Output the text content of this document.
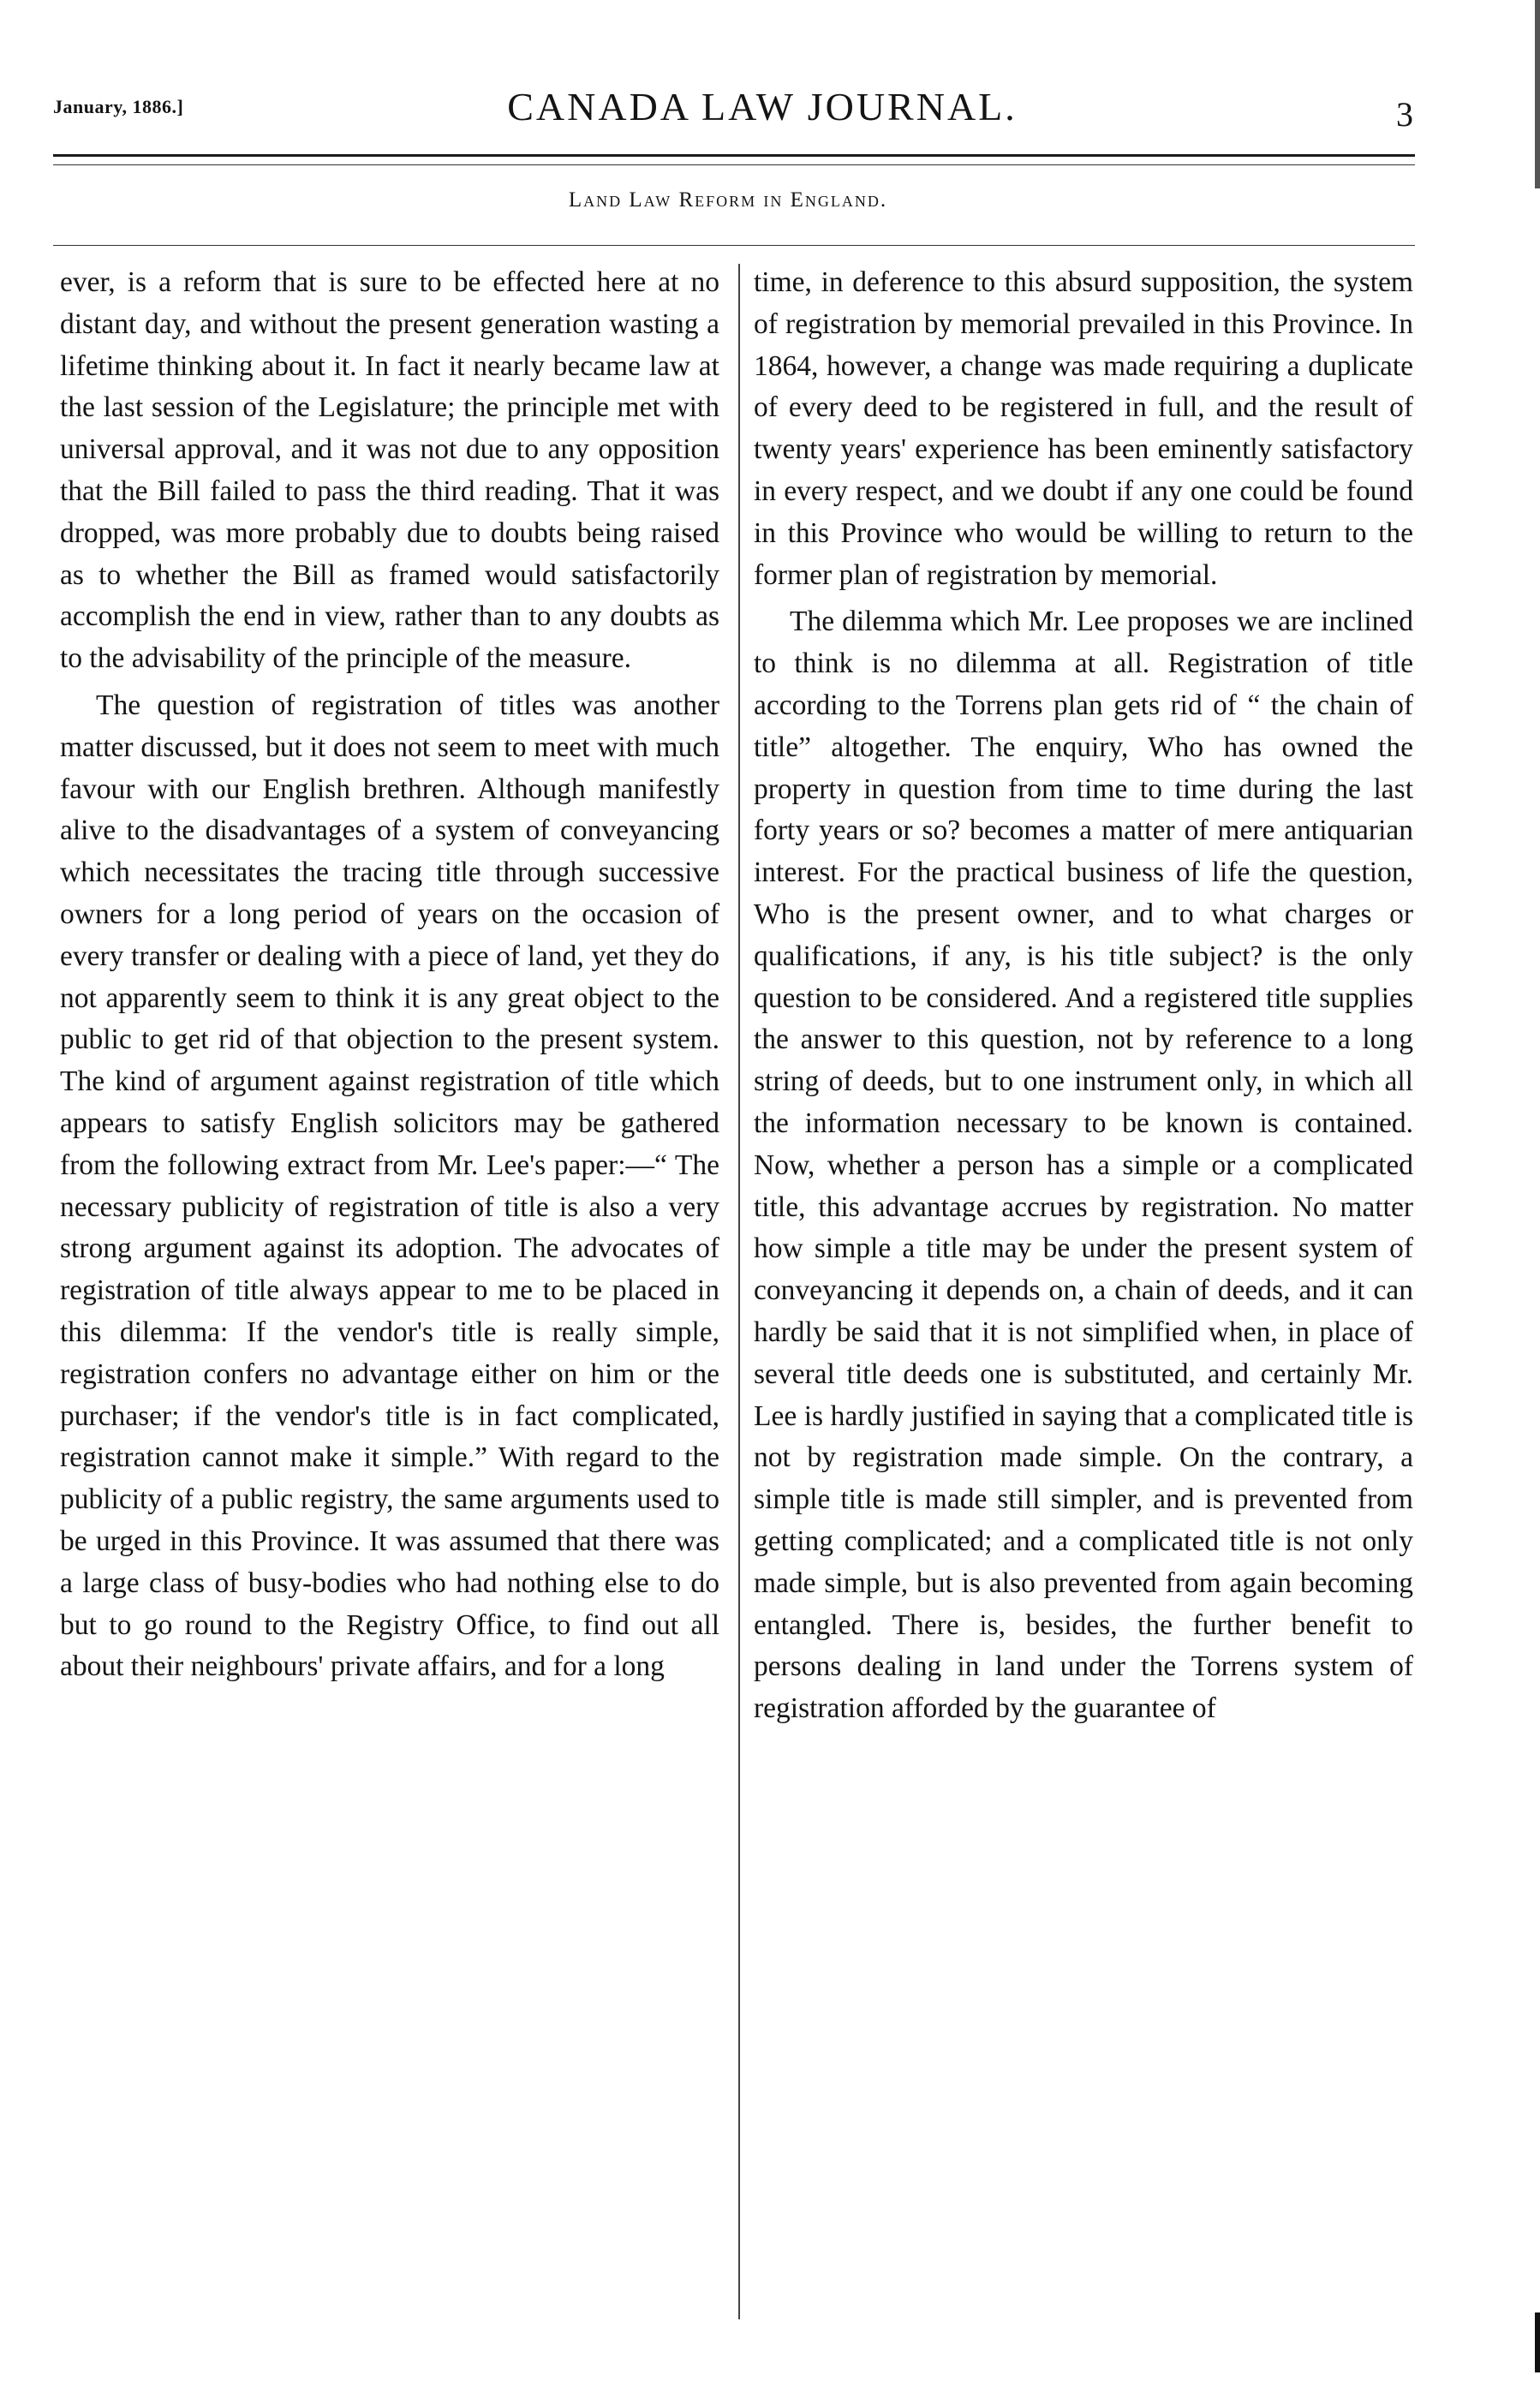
January, 1886.]	CANADA LAW JOURNAL.	3
Land Law Reform in England.

ever, is a reform that is sure to be effected here at no distant day, and without the present generation wasting a lifetime thinking about it. In fact it nearly became law at the last session of the Legislature; the principle met with universal approval, and it was not due to any opposition that the Bill failed to pass the third reading. That it was dropped, was more probably due to doubts being raised as to whether the Bill as framed would satisfactorily accomplish the end in view, rather than to any doubts as to the advisability of the principle of the measure.

The question of registration of titles was another matter discussed, but it does not seem to meet with much favour with our English brethren. Although manifestly alive to the disadvantages of a system of conveyancing which necessitates the tracing title through successive owners for a long period of years on the occasion of every transfer or dealing with a piece of land, yet they do not apparently seem to think it is any great object to the public to get rid of that objection to the present system. The kind of argument against registration of title which appears to satisfy English solicitors may be gathered from the following extract from Mr. Lee's paper:—“ The necessary publicity of registration of title is also a very strong argument against its adoption. The advocates of registration of title always appear to me to be placed in this dilemma: If the vendor's title is really simple, registration confers no advantage either on him or the purchaser; if the vendor's title is in fact complicated, registration cannot make it simple.” With regard to the publicity of a public registry, the same arguments used to be urged in this Province. It was assumed that there was a large class of busy-bodies who had nothing else to do but to go round to the Registry Office, to find out all about their neighbours' private affairs, and for a long

time, in deference to this absurd supposition, the system of registration by memorial prevailed in this Province. In 1864, however, a change was made requiring a duplicate of every deed to be registered in full, and the result of twenty years' experience has been eminently satisfactory in every respect, and we doubt if any one could be found in this Province who would be willing to return to the former plan of registration by memorial.

The dilemma which Mr. Lee proposes we are inclined to think is no dilemma at all. Registration of title according to the Torrens plan gets rid of “ the chain of title” altogether. The enquiry, Who has owned the property in question from time to time during the last forty years or so? becomes a matter of mere antiquarian interest. For the practical business of life the question, Who is the present owner, and to what charges or qualifications, if any, is his title subject? is the only question to be considered. And a registered title supplies the answer to this question, not by reference to a long string of deeds, but to one instrument only, in which all the information necessary to be known is contained. Now, whether a person has a simple or a complicated title, this advantage accrues by registration. No matter how simple a title may be under the present system of conveyancing it depends on, a chain of deeds, and it can hardly be said that it is not simplified when, in place of several title deeds one is substituted, and certainly Mr. Lee is hardly justified in saying that a complicated title is not by registration made simple. On the contrary, a simple title is made still simpler, and is prevented from getting complicated; and a complicated title is not only made simple, but is also prevented from again becoming entangled. There is, besides, the further benefit to persons dealing in land under the Torrens system of registration afforded by the guarantee of
